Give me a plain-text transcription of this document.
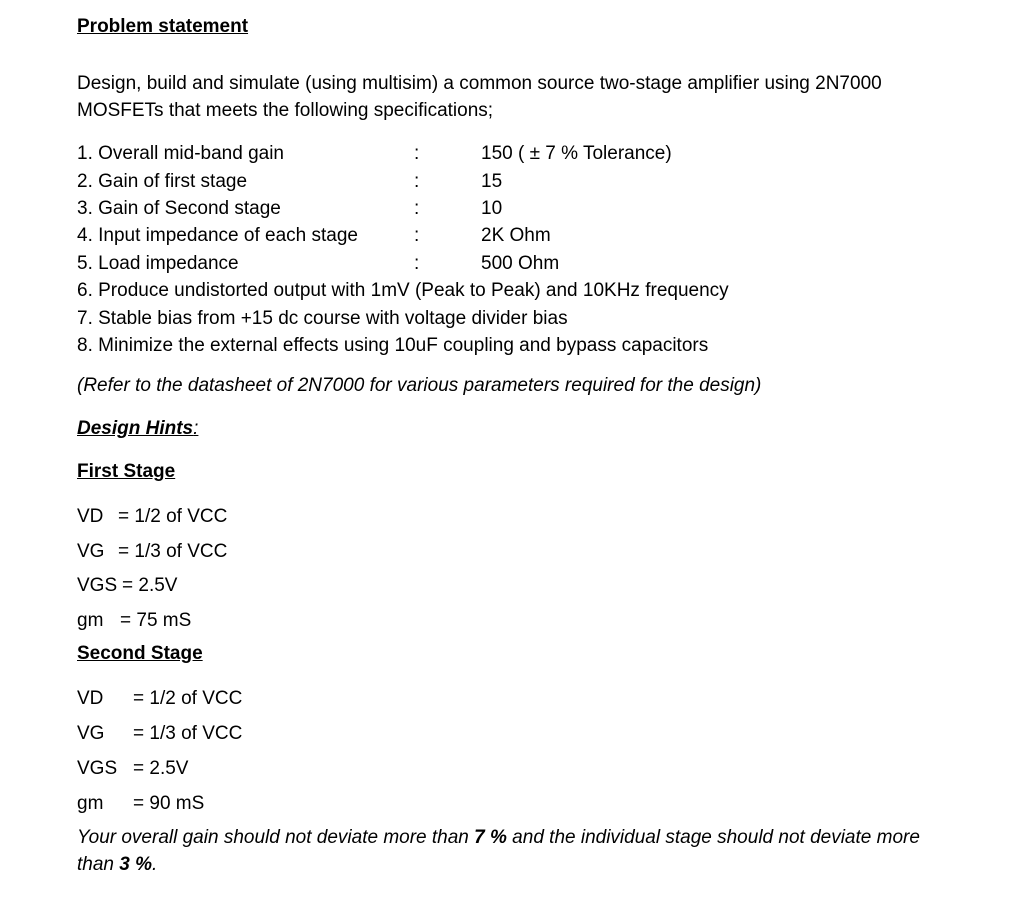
Problem statement
Design, build and simulate (using multisim) a common source two-stage amplifier using 2N7000 MOSFETs that meets the following specifications;
1. Overall mid-band gain	:	150 ( ± 7 % Tolerance)
2. Gain of first stage	:	15
3. Gain of Second stage	:	10
4. Input impedance of each stage	:	2K Ohm
5. Load impedance	:	500 Ohm
6. Produce undistorted output with 1mV (Peak to Peak) and 10KHz frequency
7. Stable bias from +15 dc course with voltage divider bias
8. Minimize the external effects using 10uF coupling and bypass capacitors
(Refer to the datasheet of 2N7000 for various parameters required for the design)
Design Hints:
First Stage
VD = 1/2 of VCC
VG = 1/3 of VCC
VGS = 2.5V
gm = 75 mS
Second Stage
VD = 1/2 of VCC
VG = 1/3 of VCC
VGS = 2.5V
gm = 90 mS
Your overall gain should not deviate more than 7 % and the individual stage should not deviate more than 3 %.
